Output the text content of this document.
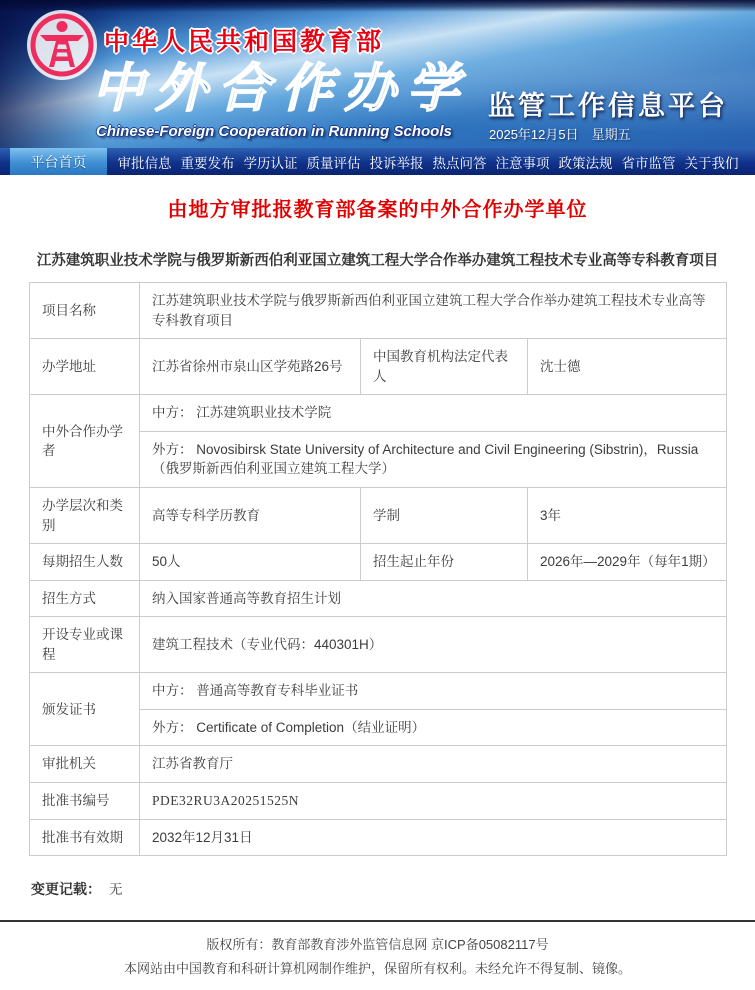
中华人民共和国教育部
中外合作办学
Chinese-Foreign Cooperation in Running Schools
监管工作信息平台
2025年12月5日　星期五
平台首页	审批信息 重要发布 学历认证 质量评估 投诉举报 热点问答 注意事项 政策法规 省市监管 关于我们
由地方审批报教育部备案的中外合作办学单位
江苏建筑职业技术学院与俄罗斯新西伯利亚国立建筑工程大学合作举办建筑工程技术专业高等专科教育项目
项目名称	江苏建筑职业技术学院与俄罗斯新西伯利亚国立建筑工程大学合作举办建筑工程技术专业高等专科教育项目		
办学地址	江苏省徐州市泉山区学苑路26号	中国教育机构法定代表人	沈士德
中外合作办学者	中方： 江苏建筑职业技术学院		
	外方： Novosibirsk State University of Architecture and Civil Engineering (Sibstrin)，Russia （俄罗斯新西伯利亚国立建筑工程大学）		
办学层次和类别	高等专科学历教育	学制	3年
每期招生人数	50人	招生起止年份	2026年—2029年（每年1期）
招生方式	纳入国家普通高等教育招生计划		
开设专业或课程	建筑工程技术（专业代码：440301H）		
颁发证书	中方： 普通高等教育专科毕业证书		
	外方： Certificate of Completion（结业证明）		
审批机关	江苏省教育厅		
批准书编号	PDE32RU3A20251525N		
批准书有效期	2032年12月31日		
变更记载： 无

版权所有：教育部教育涉外监管信息网 京ICP备05082117号

本网站由中国教育和科研计算机网制作维护，保留所有权利。未经允许不得复制、镜像。
